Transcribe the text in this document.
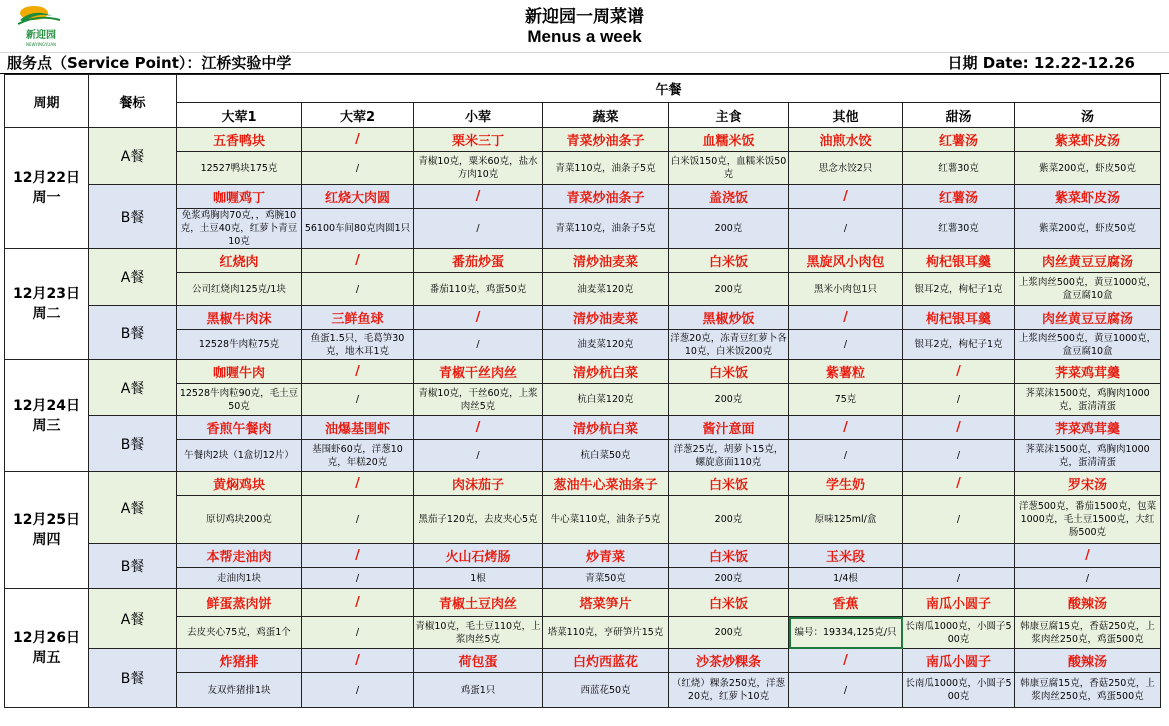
新迎园
NEWYINGYUAN
新迎园一周菜谱
Menus a week
服务点（Service Point）：江桥实验中学	日期 Date: 12.22-12.26
周期	餐标	午餐							
		大荤1	大荤2	小荤	蔬菜	主食	其他	甜汤	汤

12月22日
周一	A餐	五香鸭块	/	栗米三丁	青菜炒油条子	血糯米饭	油煎水饺	红薯汤	紫菜虾皮汤
		12527鸭块175克	/	青椒10克，粟米60克，盐水方肉10克	青菜110克，油条子5克	白米饭150克，血糯米饭50克	思念水饺2只	红薯30克	紫菜200克，虾皮50克
	B餐	咖喱鸡丁	红烧大肉圆	/	青菜炒油条子	盖浇饭	/	红薯汤	紫菜虾皮汤
		免浆鸡胸肉70克，，鸡腕10克，土豆40克，红萝卜青豆10克	56100车间80克肉圆1只	/	青菜110克，油条子5克	200克	/	红薯30克	紫菜200克，虾皮50克

12月23日
周二	A餐	红烧肉	/	番茄炒蛋	清炒油麦菜	白米饭	黑旋风小肉包	枸杞银耳羹	肉丝黄豆豆腐汤
		公司红烧肉125克/1块	/	番茄110克，鸡蛋50克	油麦菜120克	200克	黑米小肉包1只	银耳2克，枸杞子1克	上浆肉丝500克，黄豆1000克，盒豆腐10盒
	B餐	黑椒牛肉沫	三鲜鱼球	/	清炒油麦菜	黑椒炒饭	/	枸杞银耳羹	肉丝黄豆豆腐汤
		12528牛肉粒75克	鱼蛋1.5只，毛葛笋30克，地木耳1克	/	油麦菜120克	洋葱20克，冻青豆红萝卜各10克，白米饭200克	/	银耳2克，枸杞子1克	上浆肉丝500克，黄豆1000克，盒豆腐10盒

12月24日
周三	A餐	咖喱牛肉	/	青椒干丝肉丝	清炒杭白菜	白米饭	紫薯粒	/	荠菜鸡茸羹
		12528牛肉粒90克，毛土豆50克	/	青椒10克，干丝60克，上浆肉丝5克	杭白菜120克	200克	75克	/	荠菜沫1500克，鸡胸肉1000克，蛋清清蛋
	B餐	香煎午餐肉	油爆基围虾	/	清炒杭白菜	酱汁意面	/	/	荠菜鸡茸羹
		午餐肉2块（1盒切12片）	基围虾60克，洋葱10克，年糕20克	/	杭白菜50克	洋葱25克，胡萝卜15克，螺旋意面110克	/	/	荠菜沫1500克，鸡胸肉1000克，蛋清清蛋

12月25日
周四	A餐	黄焖鸡块	/	肉沫茄子	葱油牛心菜油条子	白米饭	学生奶	/	罗宋汤
		原切鸡块200克	/	黑茄子120克，去皮夹心5克	牛心菜110克，油条子5克	200克	原味125ml/盒	/	洋葱500克，番茄1500克，包菜1000克，毛土豆1500克，大红肠500克
	B餐	本帮走油肉	/	火山石烤肠	炒青菜	白米饭	玉米段		/
		走油肉1块	/	1根	青菜50克	200克	1/4根	/	/

12月26日
周五	A餐	鲜蛋蒸肉饼	/	青椒土豆肉丝	塔菜笋片	白米饭	香蕉	南瓜小圆子	酸辣汤
		去皮夹心75克，鸡蛋1个	/	青椒10克，毛土豆110克，上浆肉丝5克	塔菜110克，亨研笋片15克	200克	编号：19334,125克/只	长南瓜1000克，小圆子500克	韩康豆腐15克，香菇250克，上浆肉丝250克，鸡蛋500克
	B餐	炸猪排	/	荷包蛋	白灼西蓝花	沙茶炒粿条	/	南瓜小圆子	酸辣汤
		友双炸猪排1块	/	鸡蛋1只	西蓝花50克	（红烧）粿条250克，洋葱20克，红萝卜10克	/	长南瓜1000克，小圆子500克	韩康豆腐15克，香菇250克，上浆肉丝250克，鸡蛋500克
